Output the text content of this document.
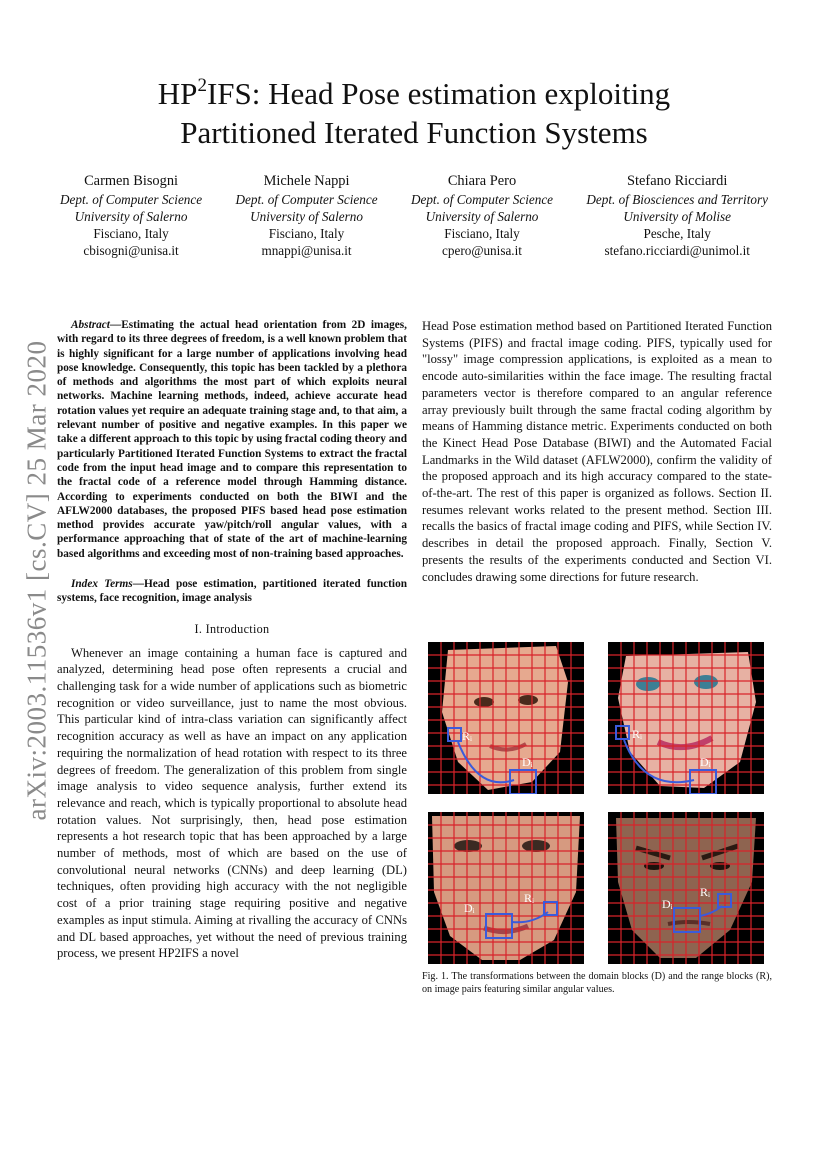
arXiv:2003.11536v1 [cs.CV] 25 Mar 2020
$HP^2IFS$: Head Pose estimation exploiting
Partitioned Iterated Function Systems
Carmen Bisogni
Dept. of Computer Science
University of Salerno
Fisciano, Italy
cbisogni@unisa.it
Michele Nappi
Dept. of Computer Science
University of Salerno
Fisciano, Italy
mnappi@unisa.it
Chiara Pero
Dept. of Computer Science
University of Salerno
Fisciano, Italy
cpero@unisa.it
Stefano Ricciardi
Dept. of Biosciences and Territory
University of Molise
Pesche, Italy
stefano.ricciardi@unimol.it

Abstract—Estimating the actual head orientation from 2D images, with regard to its three degrees of freedom, is a well known problem that is highly significant for a large number of applications involving head pose knowledge. Consequently, this topic has been tackled by a plethora of methods and algorithms the most part of which exploits neural networks. Machine learning methods, indeed, achieve accurate head rotation values yet require an adequate training stage and, to that aim, a relevant number of positive and negative examples. In this paper we take a different approach to this topic by using fractal coding theory and particularly Partitioned Iterated Function Systems to extract the fractal code from the input head image and to compare this representation to the fractal code of a reference model through Hamming distance. According to experiments conducted on both the BIWI and the AFLW2000 databases, the proposed PIFS based head pose estimation method provides accurate yaw/pitch/roll angular values, with a performance approaching that of state of the art of machine-learning based algorithms and exceeding most of non-training based approaches.

Index Terms—Head pose estimation, partitioned iterated function systems, face recognition, image analysis

I. Introduction

Whenever an image containing a human face is captured and analyzed, determining head pose often represents a crucial and challenging task for a wide number of applications such as biometric recognition or video surveillance, just to name the most obvious. This particular kind of intra-class variation can significantly affect recognition accuracy as well as have an impact on any application requiring the normalization of head rotation with respect to its three degrees of freedom. The generalization of this problem from single image analysis to video sequence analysis, further extend its relevance and reach, which is typically proportional to absolute head rotation values. Not surprisingly, then, head pose estimation represents a hot research topic that has been approached by a large number of methods, most of which are based on the use of convolutional neural networks (CNNs) and deep learning (DL) techniques, often providing high accuracy with the not negligible cost of a prior training stage requiring positive and negative examples as input stimula. Aiming at rivalling the accuracy of CNNs and DL based approaches, yet without the need of previous training process, we present HP2IFS a novel

Head Pose estimation method based on Partitioned Iterated Function Systems (PIFS) and fractal image coding. PIFS, typically used for "lossy" image compression applications, is exploited as a mean to encode auto-similarities within the face image. The resulting fractal parameters vector is therefore compared to an angular reference array previously built through the same fractal coding algorithm by means of Hamming distance metric. Experiments conducted on both the Kinect Head Pose Database (BIWI) and the Automated Facial Landmarks in the Wild dataset (AFLW2000), confirm the validity of the proposed approach and its high accuracy compared to the state-of-the-art. The rest of this paper is organized as follows. Section II. resumes relevant works related to the present method. Section III. recalls the basics of fractal image coding and PIFS, while Section IV. describes in detail the proposed approach. Finally, Section V. presents the results of the experiments conducted and Section VI. concludes drawing some directions for future research.

Rᵢ
Dᵢ
Rᵢ
Dᵢ
Dᵢ
Rᵢ	Dᵢ
Rᵢ

Fig. 1. The transformations between the domain blocks (D) and the range blocks (R), on image pairs featuring similar angular values.
